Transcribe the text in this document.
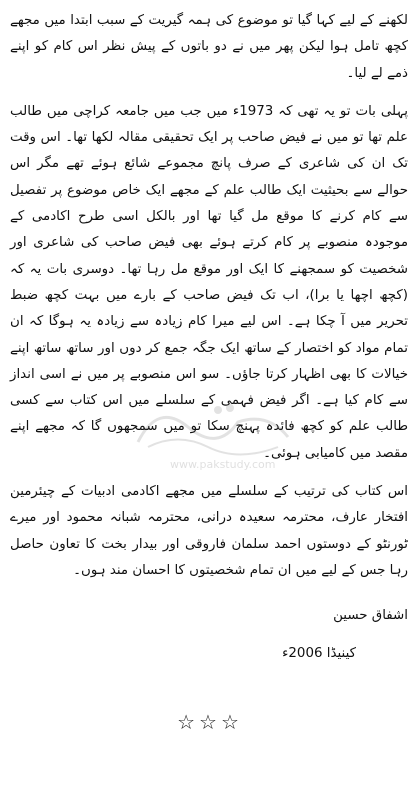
لکھنے کے لیے کہا گیا تو موضوع کی ہمہ گیریت کے سبب ابتدا میں مجھے کچھ تامل ہوا لیکن پھر میں نے دو باتوں کے پیش نظر اس کام کو اپنے ذمے لے لیا۔

پہلی بات تو یہ تھی کہ 1973ء میں جب میں جامعہ کراچی میں طالب علم تھا تو میں نے فیض صاحب پر ایک تحقیقی مقالہ لکھا تھا۔ اس وقت تک ان کی شاعری کے صرف پانچ مجموعے شائع ہوئے تھے مگر اس حوالے سے بحیثیت ایک طالب علم کے مجھے ایک خاص موضوع پر تفصیل سے کام کرنے کا موقع مل گیا تھا اور بالکل اسی طرح اکادمی کے موجودہ منصوبے پر کام کرتے ہوئے بھی فیض صاحب کی شاعری اور شخصیت کو سمجھنے کا ایک اور موقع مل رہا تھا۔ دوسری بات یہ کہ (کچھ اچھا یا برا)، اب تک فیض صاحب کے بارے میں بہت کچھ ضبط تحریر میں آ چکا ہے۔ اس لیے میرا کام زیادہ سے زیادہ یہ ہوگا کہ ان تمام مواد کو اختصار کے ساتھ ایک جگہ جمع کر دوں اور ساتھ ساتھ اپنے خیالات کا بھی اظہار کرتا جاؤں۔ سو اس منصوبے پر میں نے اسی انداز سے کام کیا ہے۔ اگر فیض فہمی کے سلسلے میں اس کتاب سے کسی طالب علم کو کچھ فائدہ پہنچ سکا تو میں سمجھوں گا کہ مجھے اپنے مقصد میں کامیابی ہوئی۔

اس کتاب کی ترتیب کے سلسلے میں مجھے اکادمی ادبیات کے چیئرمین افتخار عارف، محترمہ سعیدہ درانی، محترمہ شبانہ محمود اور میرے ٹورنٹو کے دوستوں احمد سلمان فاروقی اور بیدار بخت کا تعاون حاصل رہا جس کے لیے میں ان تمام شخصیتوں کا احسان مند ہوں۔

اشفاق حسین
کینیڈا 2006ء
www.pakstudy.com
☆☆☆
